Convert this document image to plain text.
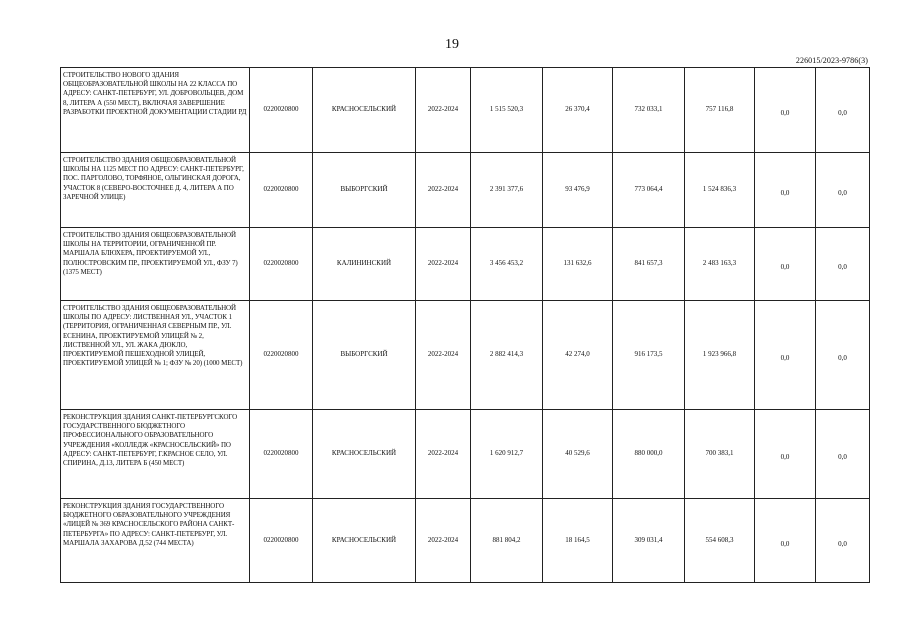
19
226015/2023-9786(3)
СТРОИТЕЛЬСТВО НОВОГО ЗДАНИЯ ОБЩЕОБРАЗОВАТЕЛЬНОЙ ШКОЛЫ НА 22 КЛАССА ПО АДРЕСУ: САНКТ-ПЕТЕРБУРГ, УЛ. ДОБРОВОЛЬЦЕВ, ДОМ 8, ЛИТЕРА А (550 МЕСТ), ВКЛЮЧАЯ ЗАВЕРШЕНИЕ РАЗРАБОТКИ ПРОЕКТНОЙ ДОКУМЕНТАЦИИ СТАДИИ РД	0220020800	КРАСНОСЕЛЬСКИЙ	2022-2024	1 515 520,3	26 370,4	732 033,1	757 116,8	0,0	0,0
СТРОИТЕЛЬСТВО ЗДАНИЯ ОБЩЕОБРАЗОВАТЕЛЬНОЙ ШКОЛЫ НА 1125 МЕСТ ПО АДРЕСУ: САНКТ-ПЕТЕРБУРГ, ПОС. ПАРГОЛОВО, ТОРФЯНОЕ, ОЛЬГИНСКАЯ ДОРОГА, УЧАСТОК 8 (СЕВЕРО-ВОСТОЧНЕЕ Д. 4, ЛИТЕРА А ПО ЗАРЕЧНОЙ УЛИЦЕ)	0220020800	ВЫБОРГСКИЙ	2022-2024	2 391 377,6	93 476,9	773 064,4	1 524 836,3	0,0	0,0
СТРОИТЕЛЬСТВО ЗДАНИЯ ОБЩЕОБРАЗОВАТЕЛЬНОЙ ШКОЛЫ НА ТЕРРИТОРИИ, ОГРАНИЧЕННОЙ ПР. МАРШАЛА БЛЮХЕРА, ПРОЕКТИРУЕМОЙ УЛ., ПОЛЮСТРОВСКИМ ПР., ПРОЕКТИРУЕМОЙ УЛ., ФЗУ 7) (1375 МЕСТ)	0220020800	КАЛИНИНСКИЙ	2022-2024	3 456 453,2	131 632,6	841 657,3	2 483 163,3	0,0	0,0
СТРОИТЕЛЬСТВО ЗДАНИЯ ОБЩЕОБРАЗОВАТЕЛЬНОЙ ШКОЛЫ ПО АДРЕСУ: ЛИСТВЕННАЯ УЛ., УЧАСТОК 1 (ТЕРРИТОРИЯ, ОГРАНИЧЕННАЯ СЕВЕРНЫМ ПР., УЛ. ЕСЕНИНА, ПРОЕКТИРУЕМОЙ УЛИЦЕЙ № 2, ЛИСТВЕННОЙ УЛ., УЛ. ЖАКА ДЮКЛО, ПРОЕКТИРУЕМОЙ ПЕШЕХОДНОЙ УЛИЦЕЙ, ПРОЕКТИРУЕМОЙ УЛИЦЕЙ № 1; ФЗУ № 20) (1000 МЕСТ)	0220020800	ВЫБОРГСКИЙ	2022-2024	2 882 414,3	42 274,0	916 173,5	1 923 966,8	0,0	0,0
РЕКОНСТРУКЦИЯ ЗДАНИЯ САНКТ-ПЕТЕРБУРГСКОГО ГОСУДАРСТВЕННОГО БЮДЖЕТНОГО ПРОФЕССИОНАЛЬНОГО ОБРАЗОВАТЕЛЬНОГО УЧРЕЖДЕНИЯ «КОЛЛЕДЖ «КРАСНОСЕЛЬСКИЙ» ПО АДРЕСУ: САНКТ-ПЕТЕРБУРГ, Г.КРАСНОЕ СЕЛО, УЛ. СПИРИНА, Д.13, ЛИТЕРА Б (450 МЕСТ)	0220020800	КРАСНОСЕЛЬСКИЙ	2022-2024	1 620 912,7	40 529,6	880 000,0	700 383,1	0,0	0,0
РЕКОНСТРУКЦИЯ ЗДАНИЯ ГОСУДАРСТВЕННОГО БЮДЖЕТНОГО ОБРАЗОВАТЕЛЬНОГО УЧРЕЖДЕНИЯ «ЛИЦЕЙ № 369 КРАСНОСЕЛЬСКОГО РАЙОНА САНКТ-ПЕТЕРБУРГА» ПО АДРЕСУ: САНКТ-ПЕТЕРБУРГ, УЛ. МАРШАЛА ЗАХАРОВА Д.52 (744 МЕСТА)	0220020800	КРАСНОСЕЛЬСКИЙ	2022-2024	881 804,2	18 164,5	309 031,4	554 608,3	0,0	0,0
